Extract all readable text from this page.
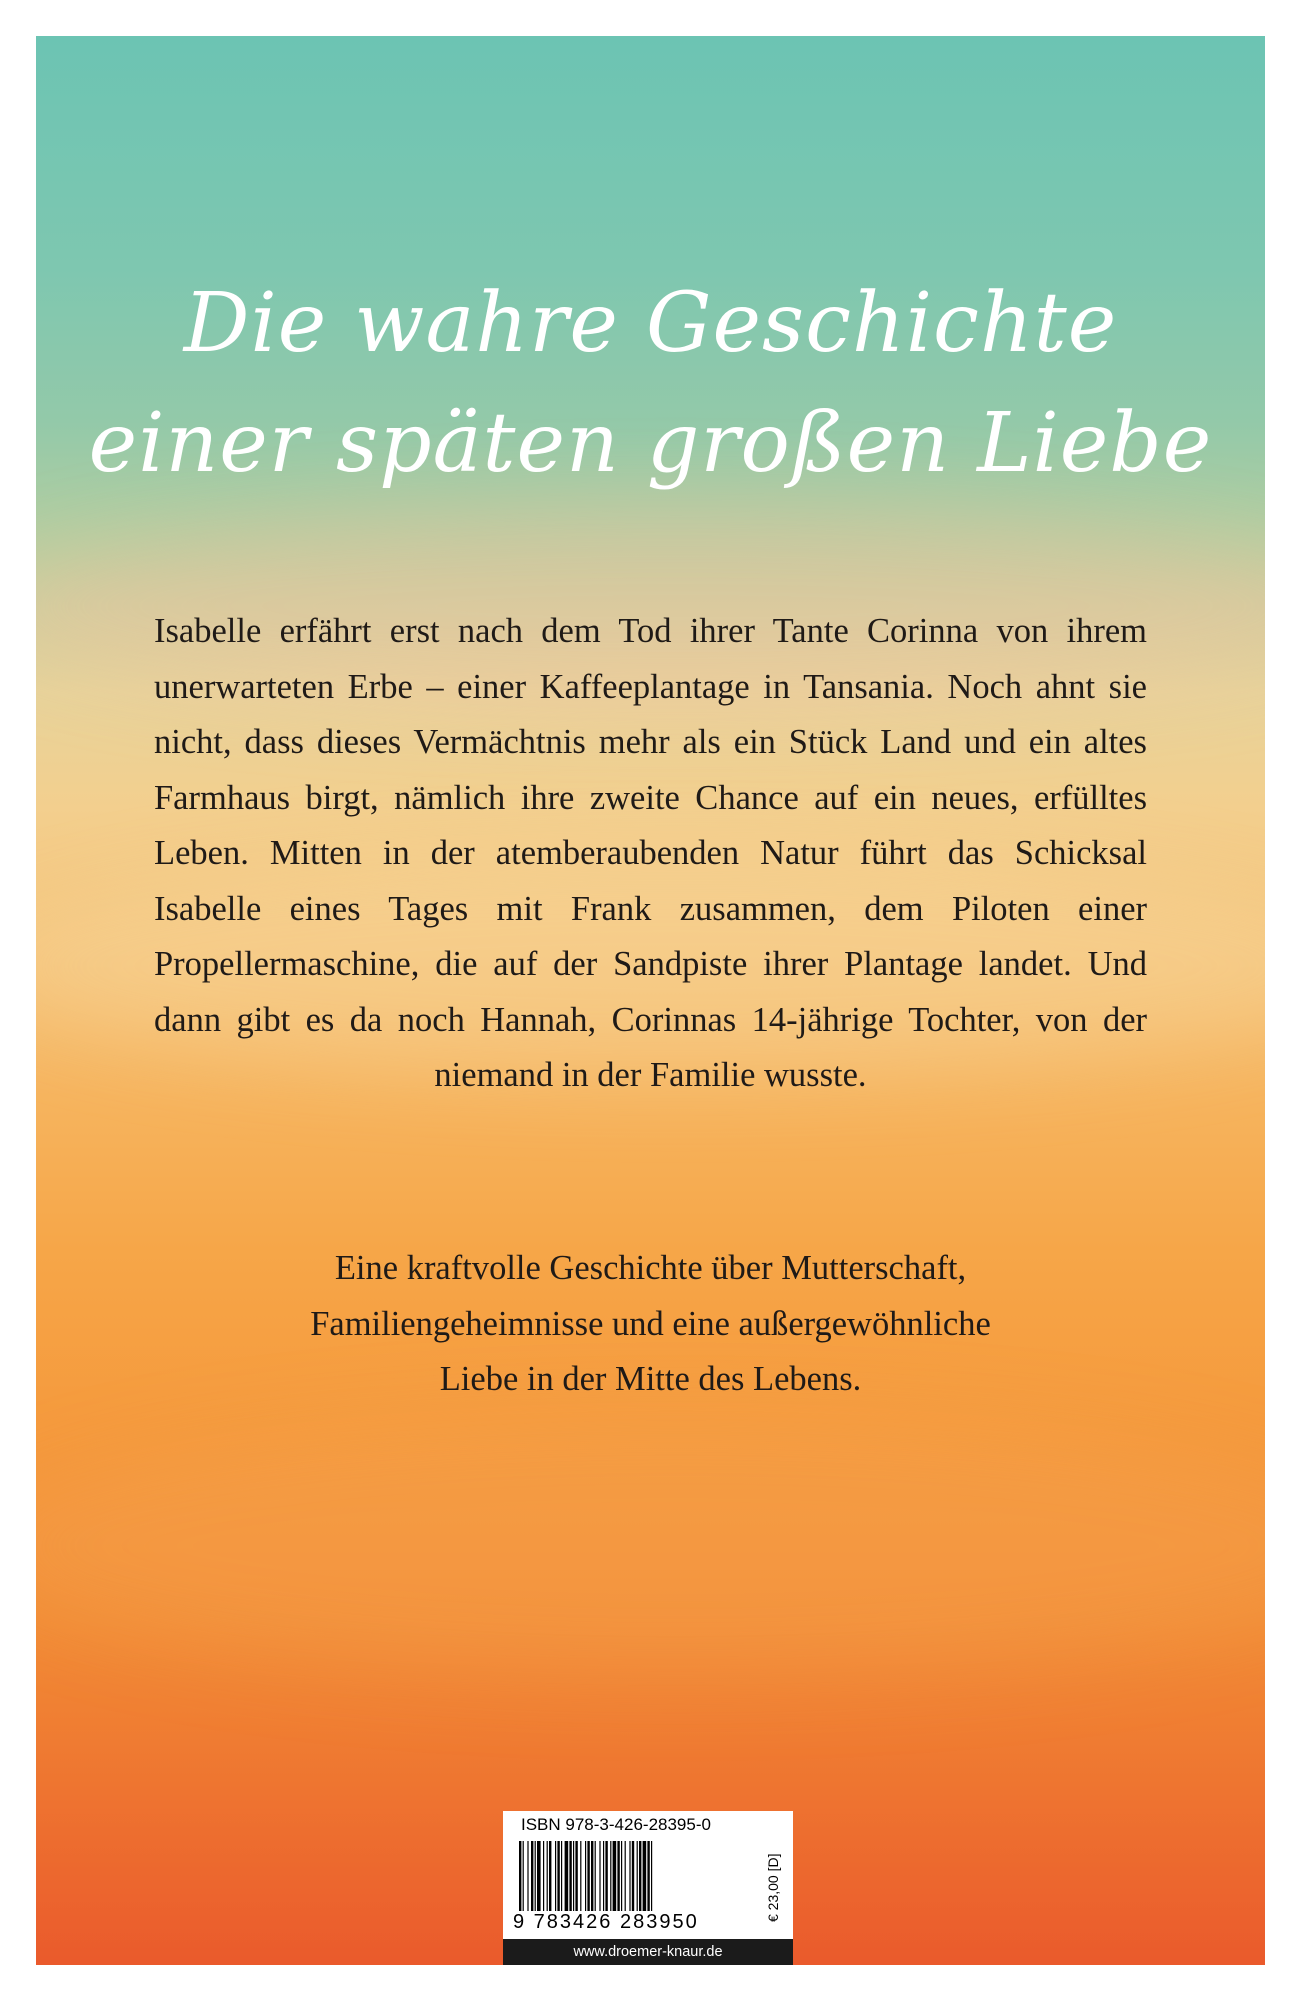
Die wahre Geschichte
einer späten großen Liebe

Isabelle erfährt erst nach dem Tod ihrer Tante Corinna von ihrem unerwarteten Erbe – einer Kaffeeplantage in Tansania. Noch ahnt sie nicht, dass dieses Vermächtnis mehr als ein Stück Land und ein altes Farmhaus birgt, nämlich ihre zweite Chance auf ein neues, erfülltes Leben. Mitten in der atemberaubenden Natur führt das Schicksal Isabelle eines Tages mit Frank zusammen, dem Piloten einer Propellermaschine, die auf der Sandpiste ihrer Plantage landet. Und dann gibt es da noch Hannah, Corinnas 14-jährige Tochter, von der niemand in der Familie wusste.

Eine kraftvolle Geschichte über Mutterschaft,
Familiengeheimnisse und eine außergewöhnliche
Liebe in der Mitte des Lebens.

ISBN 978-3-426-28395-0
9 783426 283950	€ 23,00 [D]
www.droemer-knaur.de
